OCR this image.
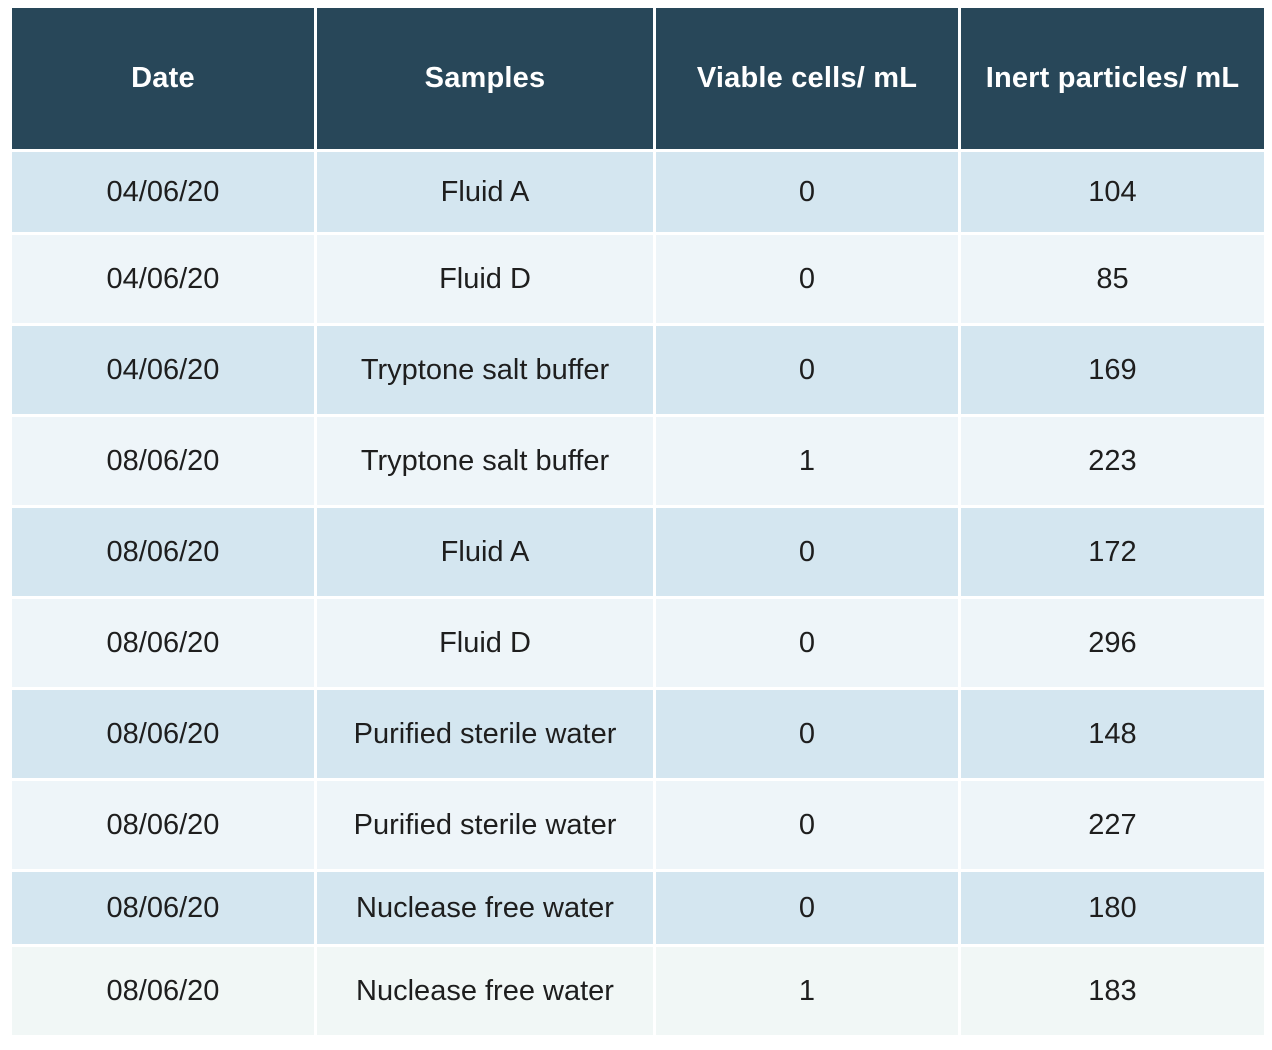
Date	Samples	Viable cells/ mL	Inert particles/ mL
04/06/20	Fluid A	0	104
04/06/20	Fluid D	0	85
04/06/20	Tryptone salt buffer	0	169
08/06/20	Tryptone salt buffer	1	223
08/06/20	Fluid A	0	172
08/06/20	Fluid D	0	296
08/06/20	Purified sterile water	0	148
08/06/20	Purified sterile water	0	227
08/06/20	Nuclease free water	0	180
08/06/20	Nuclease free water	1	183
